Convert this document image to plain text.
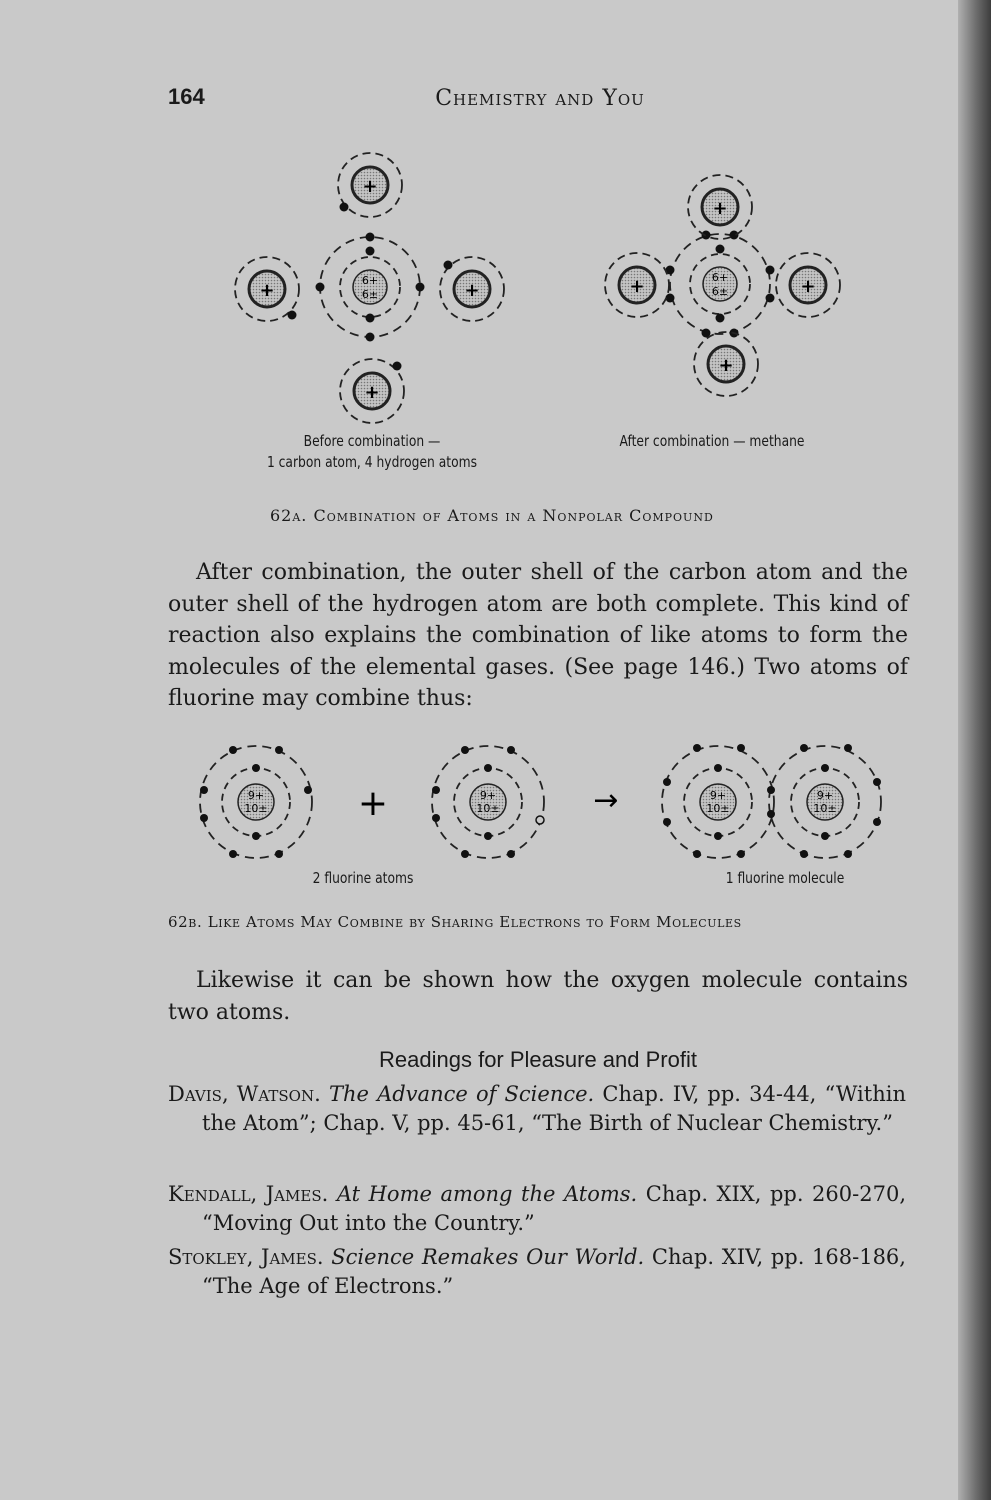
164	Chemistry and You
+
+	+
+
+
+	+
+
6+
6±
6+
6±
9+
10±
9+
10±
9+
10±
9+
10±
+	→
Before combination —
1 carbon atom, 4 hydrogen atoms
After combination — methane
62a. Combination of Atoms in a Nonpolar Compound
After combination, the outer shell of the carbon atom and the outer shell of the hydrogen atom are both complete. This kind of reaction also explains the combination of like atoms to form the molecules of the elemental gases. (See page 146.) Two atoms of fluorine may combine thus:
2 fluorine atoms	1 fluorine molecule
62b. Like Atoms May Combine by Sharing Electrons to Form Molecules
Likewise it can be shown how the oxygen molecule contains two atoms.
Readings for Pleasure and Profit
Davis, Watson. The Advance of Science. Chap. IV, pp. 34-44, “Within the Atom”; Chap. V, pp. 45-61, “The Birth of Nuclear Chemistry.”
Kendall, James. At Home among the Atoms. Chap. XIX, pp. 260-270, “Moving Out into the Country.”
Stokley, James. Science Remakes Our World. Chap. XIV, pp. 168-186, “The Age of Electrons.”
